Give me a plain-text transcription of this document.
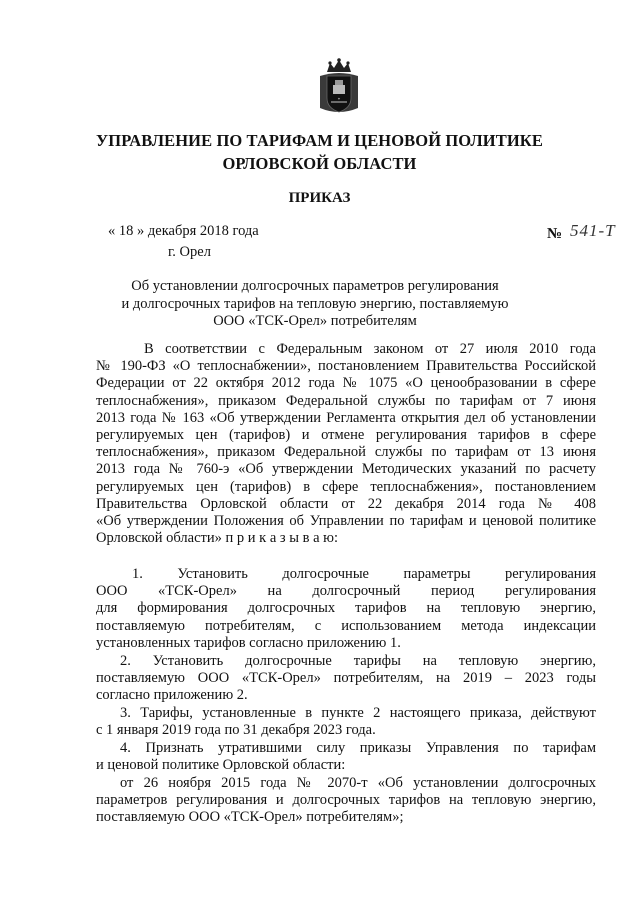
✦
УПРАВЛЕНИЕ ПО ТАРИФАМ И ЦЕНОВОЙ ПОЛИТИКЕ
ОРЛОВСКОЙ ОБЛАСТИ
ПРИКАЗ
« 18 » декабря 2018 года
г. Орел
№ 541-Т
Об установлении долгосрочных параметров регулирования
и долгосрочных тарифов на тепловую энергию, поставляемую
ООО «ТСК-Орел» потребителям
В соответствии с Федеральным законом от 27 июля 2010 года
№ 190-ФЗ «О теплоснабжении», постановлением Правительства Российской
Федерации от 22 октября 2012 года № 1075 «О ценообразовании в сфере
теплоснабжения», приказом Федеральной службы по тарифам от 7 июня
2013 года № 163 «Об утверждении Регламента открытия дел об установлении
регулируемых цен (тарифов) и отмене регулирования тарифов в сфере
теплоснабжения», приказом Федеральной службы по тарифам от 13 июня
2013 года № 760-э «Об утверждении Методических указаний по расчету
регулируемых цен (тарифов) в сфере теплоснабжения», постановлением
Правительства Орловской области от 22 декабря 2014 года № 408
«Об утверждении Положения об Управлении по тарифам и ценовой политике
Орловской области» п р и к а з ы в а ю:
1. Установить долгосрочные параметры регулирования
ООО «ТСК-Орел» на долгосрочный период регулирования
для формирования долгосрочных тарифов на тепловую энергию,
поставляемую потребителям, с использованием метода индексации
установленных тарифов согласно приложению 1.
2. Установить долгосрочные тарифы на тепловую энергию,
поставляемую ООО «ТСК-Орел» потребителям, на 2019 – 2023 годы
согласно приложению 2.
3. Тарифы, установленные в пункте 2 настоящего приказа, действуют
с 1 января 2019 года по 31 декабря 2023 года.
4. Признать утратившими силу приказы Управления по тарифам
и ценовой политике Орловской области:
от 26 ноября 2015 года № 2070-т «Об установлении долгосрочных
параметров регулирования и долгосрочных тарифов на тепловую энергию,
поставляемую ООО «ТСК-Орел» потребителям»;
